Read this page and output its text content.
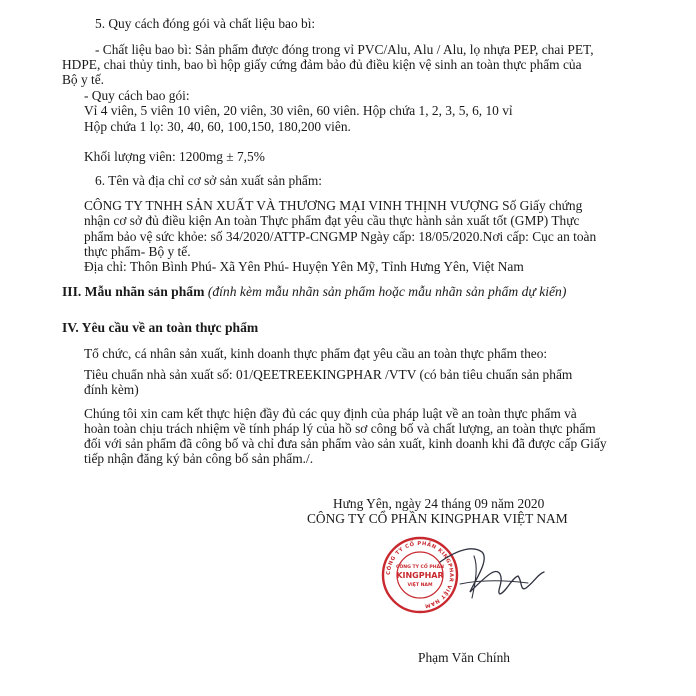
5. Quy cách đóng gói và chất liệu bao bì:
- Chất liệu bao bì: Sản phẩm được đóng trong vỉ PVC/Alu, Alu / Alu, lọ nhựa PEP, chai PET,
HDPE, chai thủy tinh, bao bì hộp giấy cứng đảm bảo đủ điều kiện vệ sinh an toàn thực phẩm của
Bộ y tế.
- Quy cách bao gói:
Vỉ 4 viên, 5 viên 10 viên, 20 viên, 30 viên, 60 viên. Hộp chứa 1, 2, 3, 5, 6, 10 vỉ
Hộp chứa 1 lọ: 30, 40, 60, 100,150, 180,200 viên.
Khối lượng viên: 1200mg ± 7,5%
6. Tên và địa chỉ cơ sở sản xuất sản phẩm:
CÔNG TY TNHH SẢN XUẤT VÀ THƯƠNG MẠI VINH THỊNH VƯỢNG Số Giấy chứng
nhận cơ sở đủ điều kiện An toàn Thực phẩm đạt yêu cầu thực hành sản xuất tốt (GMP) Thực
phẩm bảo vệ sức khỏe: số 34/2020/ATTP-CNGMP Ngày cấp: 18/05/2020.Nơi cấp: Cục an toàn
thực phẩm- Bộ y tế.
Địa chỉ: Thôn Bình Phú- Xã Yên Phú- Huyện Yên Mỹ, Tỉnh Hưng Yên, Việt Nam
III. Mẫu nhãn sản phẩm (đính kèm mẫu nhãn sản phẩm hoặc mẫu nhãn sản phẩm dự kiến)
IV. Yêu cầu về an toàn thực phẩm
Tổ chức, cá nhân sản xuất, kinh doanh thực phẩm đạt yêu cầu an toàn thực phẩm theo:
Tiêu chuẩn nhà sản xuất số: 01/QEETREEKINGPHAR /VTV (có bản tiêu chuẩn sản phẩm
đính kèm)
Chúng tôi xin cam kết thực hiện đầy đủ các quy định của pháp luật về an toàn thực phẩm và
hoàn toàn chịu trách nhiệm về tính pháp lý của hồ sơ công bố và chất lượng, an toàn thực phẩm
đối với sản phẩm đã công bố và chỉ đưa sản phẩm vào sản xuất, kinh doanh khi đã được cấp Giấy
tiếp nhận đăng ký bản công bố sản phẩm./.
Hưng Yên, ngày 24 tháng 09 năm 2020
CÔNG TY CỔ PHẦN KINGPHAR VIỆT NAM
CÔNG TY CỔ PHẦN KINGPHAR VIỆT NAM
CÔNG TY CỔ PHẦN
KINGPHAR
VIỆT NAM
Phạm Văn Chính
